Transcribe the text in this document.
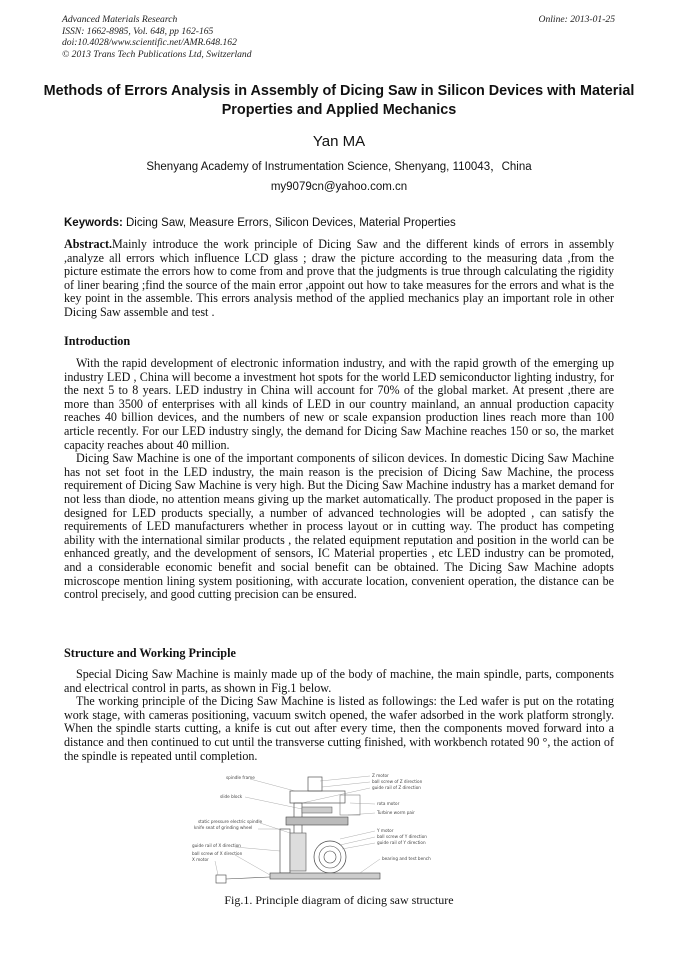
Advanced Materials Research
ISSN: 1662-8985, Vol. 648, pp 162-165
doi:10.4028/www.scientific.net/AMR.648.162
© 2013 Trans Tech Publications Ltd, Switzerland
Online: 2013-01-25
Methods of Errors Analysis in Assembly of Dicing Saw in Silicon Devices with Material Properties and Applied Mechanics
Yan MA
Shenyang Academy of Instrumentation Science, Shenyang, 110043，China
my9079cn@yahoo.com.cn
Keywords: Dicing Saw, Measure Errors, Silicon Devices, Material Properties

Abstract.Mainly introduce the work principle of Dicing Saw and the different kinds of errors in assembly ,analyze all errors which influence LCD glass ; draw the picture according to the measuring data ,from the picture estimate the errors how to come from and prove that the judgments is true through calculating the rigidity of liner bearing ;find the source of the main error ,appoint out how to take measures for the errors and what is the key point in the assemble. This errors analysis method of the applied mechanics play an important role in other Dicing Saw assemble and test .

Introduction

With the rapid development of electronic information industry, and with the rapid growth of the emerging up industry LED , China will become a investment hot spots for the world LED semiconductor lighting industry, for the next 5 to 8 years. LED industry in China will account for 70% of the global market. At present ,there are more than 3500 of enterprises with all kinds of LED in our country mainland, an annual production capacity reaches 40 billion devices, and the numbers of new or scale expansion production lines reach more than 100 article recently. For our LED industry singly, the demand for Dicing Saw Machine reaches 150 or so, the market capacity reaches about 40 million.

Dicing Saw Machine is one of the important components of silicon devices. In domestic Dicing Saw Machine has not set foot in the LED industry, the main reason is the precision of Dicing Saw Machine, the process requirement of Dicing Saw Machine is very high. But the Dicing Saw Machine industry has a market demand for not less than diode, no attention means giving up the market automatically. The product proposed in the paper is designed for LED products specially, a number of advanced technologies will be adopted , can satisfy the requirements of LED manufacturers whether in process layout or in cutting way. The product has competing ability with the international similar products , the related equipment reputation and position in the world can be enhanced greatly, and the development of sensors, IC Material properties , etc LED industry can be promoted, and a considerable economic benefit and social benefit can be obtained. The Dicing Saw Machine adopts microscope mention lining system positioning, with accurate location, convenient operation, the distance can be control precisely, and good cutting precision can be ensured.

Structure and Working Principle

Special Dicing Saw Machine is mainly made up of the body of machine, the main spindle, parts, components and electrical control in parts, as shown in Fig.1 below.

The working principle of the Dicing Saw Machine is listed as followings: the Led wafer is put on the rotating work stage, with cameras positioning, vacuum switch opened, the wafer adsorbed in the work platform strongly. When the spindle starts cutting, a knife is cut out after every time, then the components moved forward into a distance and then continued to cut until the transverse cutting finished, with workbench rotated 90 °, the action of the spindle is repeated until completion.

spindle frame	Z motor
ball screw of Z direction
guide rail of Z direction
slide block
rota motor
Turbine worm pair
static pressure electric spindle
knife seat of grinding wheel
Y motor
ball screw of Y direction
guide rail of Y direction
guide rail of X direction
ball screw of X direction
X motor	bearing and test bench
Fig.1. Principle diagram of dicing saw structure
